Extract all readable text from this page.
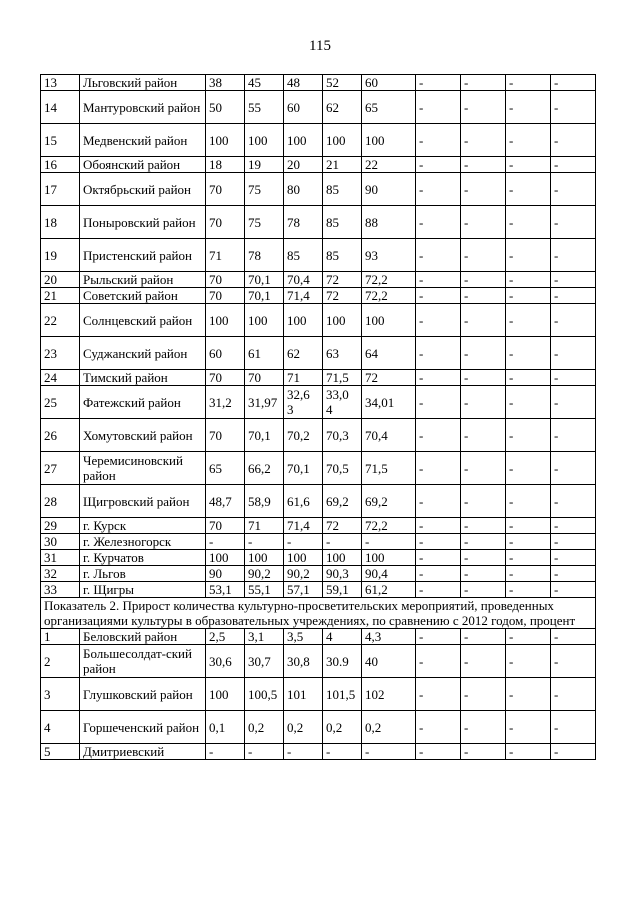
115
13	Льговский район	38	45	48	52	60	-	-	-	-
14	Мантуровский район	50	55	60	62	65	-	-	-	-
15	Медвенский район	100	100	100	100	100	-	-	-	-
16	Обоянский район	18	19	20	21	22	-	-	-	-
17	Октябрьский район	70	75	80	85	90	-	-	-	-
18	Поныровский район	70	75	78	85	88	-	-	-	-
19	Пристенский район	71	78	85	85	93	-	-	-	-
20	Рыльский район	70	70,1	70,4	72	72,2	-	-	-	-
21	Советский район	70	70,1	71,4	72	72,2	-	-	-	-
22	Солнцевский район	100	100	100	100	100	-	-	-	-
23	Суджанский район	60	61	62	63	64	-	-	-	-
24	Тимский район	70	70	71	71,5	72	-	-	-	-
25	Фатежский район	31,2	31,97	32,6 3	33,0 4	34,01	-	-	-	-
26	Хомутовский район	70	70,1	70,2	70,3	70,4	-	-	-	-
27	Черемисиновский район	65	66,2	70,1	70,5	71,5	-	-	-	-
28	Щигровский район	48,7	58,9	61,6	69,2	69,2	-	-	-	-
29	г. Курск	70	71	71,4	72	72,2	-	-	-	-
30	г. Железногорск	-	-	-	-	-	-	-	-	-
31	г. Курчатов	100	100	100	100	100	-	-	-	-
32	г. Льгов	90	90,2	90,2	90,3	90,4	-	-	-	-
33	г. Щигры	53,1	55,1	57,1	59,1	61,2	-	-	-	-
Показатель 2. Прирост количества культурно-просветительских мероприятий, проведенных организациями культуры в образовательных учреждениях, по сравнению с 2012 годом, процент										
1	Беловский район	2,5	3,1	3,5	4	4,3	-	-	-	-
2	Большесолдат-ский район	30,6	30,7	30,8	30.9	40	-	-	-	-
3	Глушковский район	100	100,5	101	101,5	102	-	-	-	-
4	Горшеченский район	0,1	0,2	0,2	0,2	0,2	-	-	-	-
5	Дмитриевский	-	-	-	-	-	-	-	-	-
